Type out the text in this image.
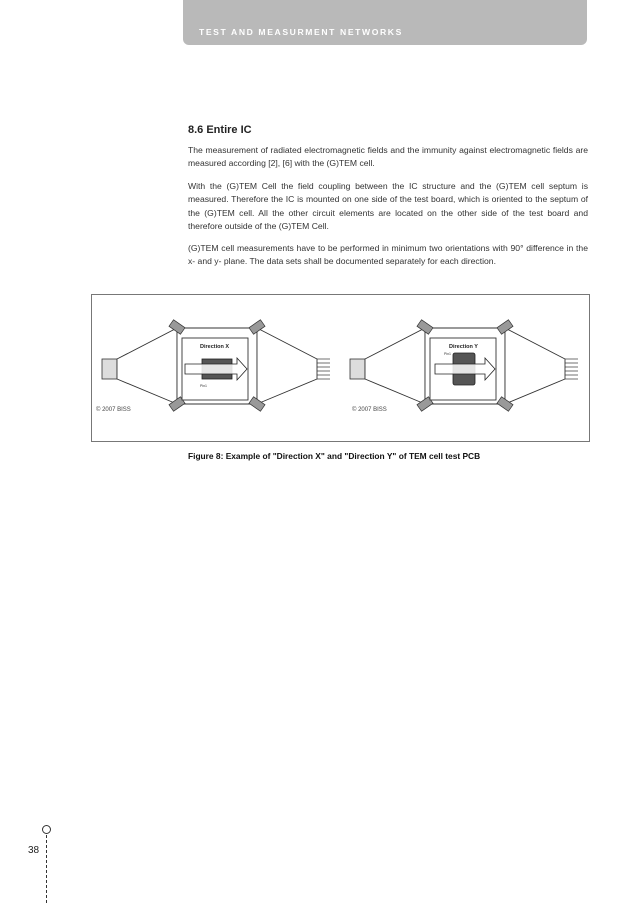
TEST AND MEASURMENT NETWORKS
8.6 Entire IC

The measurement of radiated electromagnetic fields and the immunity against electromagnetic fields are measured according [2], [6] with the (G)TEM cell.

With the (G)TEM Cell the field coupling between the IC structure and the (G)TEM cell septum is measured. Therefore the IC is mounted on one side of the test board, which is oriented to the septum of the (G)TEM cell. All the other circuit elements are located on the other side of the test board and therefore outside of the (G)TEM Cell.

(G)TEM cell measurements have to be performed in minimum two orientations with 90° difference in the x- and y- plane. The data sets shall be documented separately for each direction.

Direction X
Pin1
© 2007 BISS
Direction Y
Pin1
© 2007 BISS
Figure 8: Example of "Direction X" and "Direction Y" of TEM cell test PCB
38
